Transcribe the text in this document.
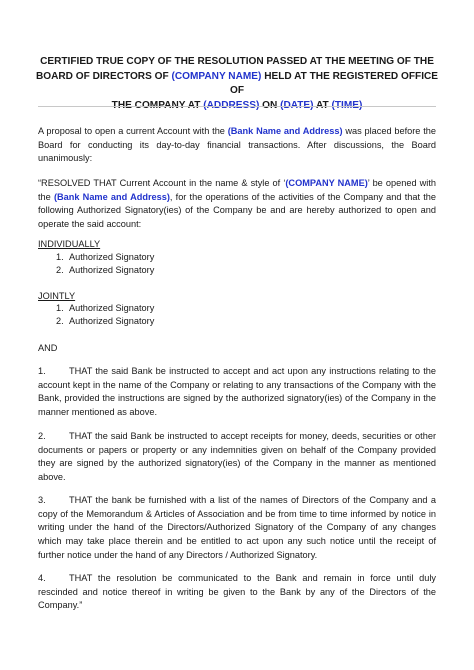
CERTIFIED TRUE COPY OF THE RESOLUTION PASSED AT THE MEETING OF THE
BOARD OF DIRECTORS OF (COMPANY NAME) HELD AT THE REGISTERED OFFICE OF
THE COMPANY AT (ADDRESS) ON (DATE) AT (TIME)
A proposal to open a current Account with the (Bank Name and Address) was placed before the Board for conducting its day-to-day financial transactions. After discussions, the Board unanimously:
“RESOLVED THAT Current Account in the name & style of ‘(COMPANY NAME)’ be opened with the (Bank Name and Address), for the operations of the activities of the Company and that the following Authorized Signatory(ies) of the Company be and are hereby authorized to open and operate the said account:
INDIVIDUALLY
1. Authorized Signatory
2. Authorized Signatory
JOINTLY
1. Authorized Signatory
2. Authorized Signatory
AND
1.	THAT the said Bank be instructed to accept and act upon any instructions relating to the account kept in the name of the Company or relating to any transactions of the Company with the Bank, provided the instructions are signed by the authorized signatory(ies) of the Company in the manner mentioned as above.
2.	THAT the said Bank be instructed to accept receipts for money, deeds, securities or other documents or papers or property or any indemnities given on behalf of the Company provided they are signed by the authorized signatory(ies) of the Company in the manner as mentioned above.
3.	THAT the bank be furnished with a list of the names of Directors of the Company and a copy of the Memorandum & Articles of Association and be from time to time informed by notice in writing under the hand of the Directors/Authorized Signatory of the Company of any changes which may take place therein and be entitled to act upon any such notice until the receipt of further notice under the hand of any Directors / Authorized Signatory.
4.	THAT the resolution be communicated to the Bank and remain in force until duly rescinded and notice thereof in writing be given to the Bank by any of the Directors of the Company.”
